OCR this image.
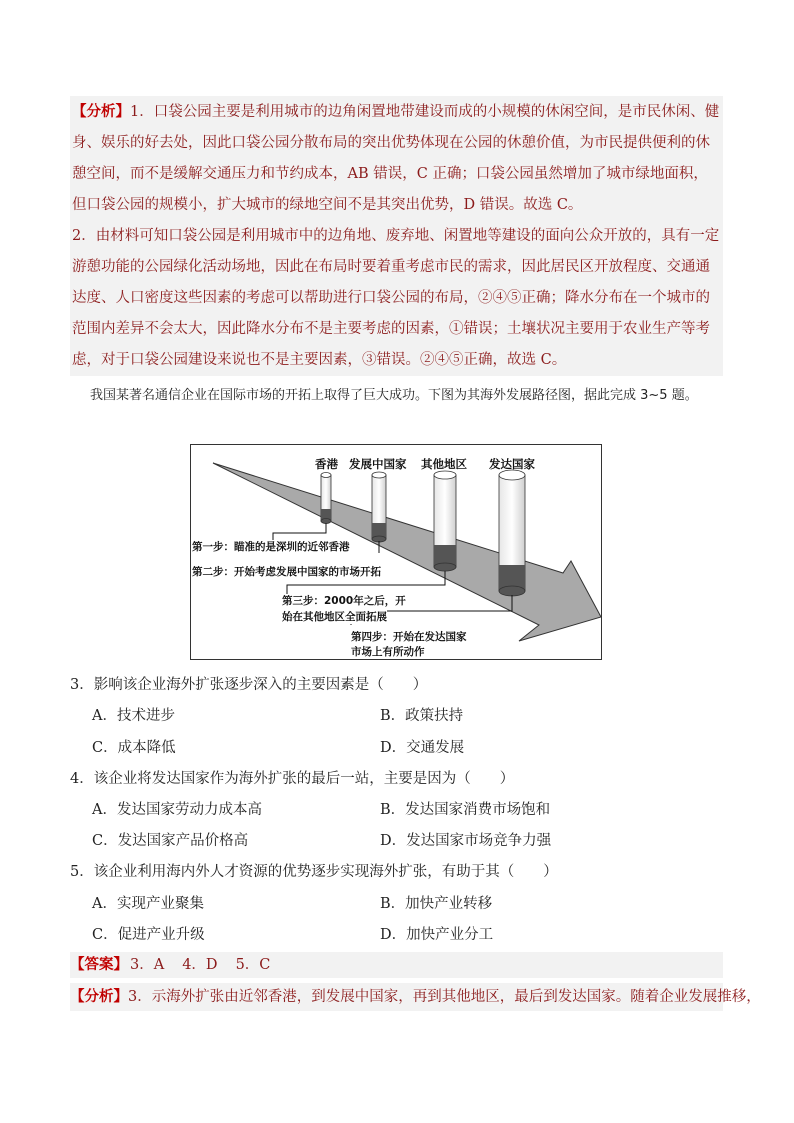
【分析】1．口袋公园主要是利用城市的边角闲置地带建设而成的小规模的休闲空间，是市民休闲、健身、娱乐的好去处，因此口袋公园分散布局的突出优势体现在公园的休憩价值，为市民提供便利的休憩空间，而不是缓解交通压力和节约成本，AB 错误，C 正确；口袋公园虽然增加了城市绿地面积，但口袋公园的规模小，扩大城市的绿地空间不是其突出优势，D 错误。故选 C。

2．由材料可知口袋公园是利用城市中的边角地、废弃地、闲置地等建设的面向公众开放的，具有一定游憩功能的公园绿化活动场地，因此在布局时要着重考虑市民的需求，因此居民区开放程度、交通通达度、人口密度这些因素的考虑可以帮助进行口袋公园的布局，②④⑤正确；降水分布在一个城市的范围内差异不会太大，因此降水分布不是主要考虑的因素，①错误；土壤状况主要用于农业生产等考虑，对于口袋公园建设来说也不是主要因素，③错误。②④⑤正确，故选 C。

我国某著名通信企业在国际市场的开拓上取得了巨大成功。下图为其海外发展路径图，据此完成 3~5 题。
香港 发展中国家 其他地区 发达国家
第一步：瞄准的是深圳的近邻香港
第二步：开始考虑发展中国家的市场开拓
第三步：2000年之后，开
始在其他地区全面拓展
第四步：开始在发达国家
市场上有所动作
3．影响该企业海外扩张逐步深入的主要因素是（　　）
A．技术进步	B．政策扶持
C．成本降低	D．交通发展
4．该企业将发达国家作为海外扩张的最后一站，主要是因为（　　）
A．发达国家劳动力成本高	B．发达国家消费市场饱和
C．发达国家产品价格高	D．发达国家市场竞争力强
5．该企业利用海内外人才资源的优势逐步实现海外扩张，有助于其（　　）
A．实现产业聚集	B．加快产业转移
C．促进产业升级	D．加快产业分工
【答案】 3．A 4．D 5．C
【分析】3．示海外扩张由近邻香港，到发展中国家，再到其他地区，最后到发达国家。随着企业发展推移，
